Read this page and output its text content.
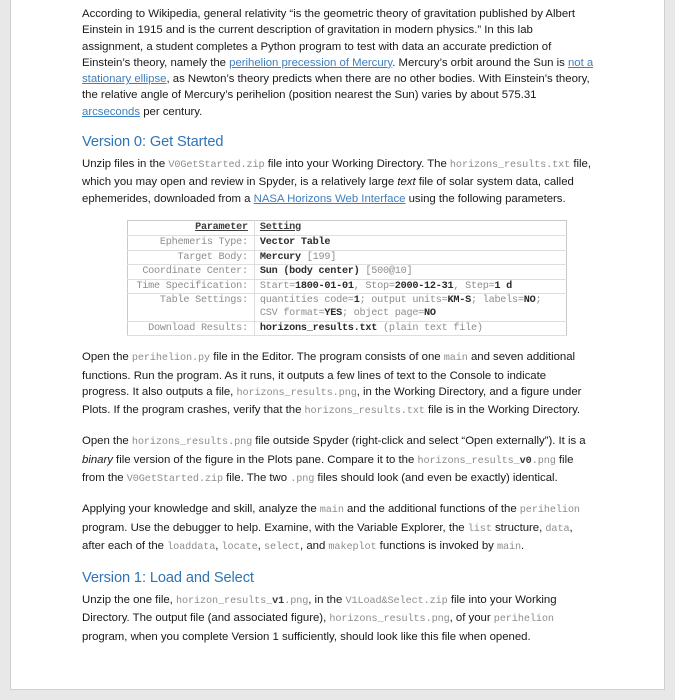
According to Wikipedia, general relativity “is the geometric theory of gravitation published by Albert Einstein in 1915 and is the current description of gravitation in modern physics.” In this lab assignment, a student completes a Python program to test with data an accurate prediction of Einstein’s theory, namely the perihelion precession of Mercury. Mercury’s orbit around the Sun is not a stationary ellipse, as Newton’s theory predicts when there are no other bodies. With Einstein’s theory, the relative angle of Mercury’s perihelion (position nearest the Sun) varies by about 575.31 arcseconds per century.

Version 0: Get Started

Unzip files in the V0GetStarted.zip file into your Working Directory. The horizons_results.txt file, which you may open and review in Spyder, is a relatively large text file of solar system data, called ephemerides, downloaded from a NASA Horizons Web Interface using the following parameters.

Parameter	Setting
Ephemeris Type:	Vector Table
Target Body:	Mercury [199]
Coordinate Center:	Sun (body center) [500@10]
Time Specification:	Start=1800-01-01, Stop=2000-12-31, Step=1 d
Table Settings:	quantities code=1; output units=KM-S; labels=NO; CSV format=YES; object page=NO
Download Results:	horizons_results.txt (plain text file)

Open the perihelion.py file in the Editor. The program consists of one main and seven additional functions. Run the program. As it runs, it outputs a few lines of text to the Console to indicate progress. It also outputs a file, horizons_results.png, in the Working Directory, and a figure under Plots. If the program crashes, verify that the horizons_results.txt file is in the Working Directory.

Open the horizons_results.png file outside Spyder (right-click and select “Open externally”). It is a binary file version of the figure in the Plots pane. Compare it to the horizons_results_v0.png file from the V0GetStarted.zip file. The two .png files should look (and even be exactly) identical.

Applying your knowledge and skill, analyze the main and the additional functions of the perihelion program. Use the debugger to help. Examine, with the Variable Explorer, the list structure, data, after each of the loaddata, locate, select, and makeplot functions is invoked by main.

Version 1: Load and Select

Unzip the one file, horizon_results_v1.png, in the V1Load&Select.zip file into your Working Directory. The output file (and associated figure), horizons_results.png, of your perihelion program, when you complete Version 1 sufficiently, should look like this file when opened.
